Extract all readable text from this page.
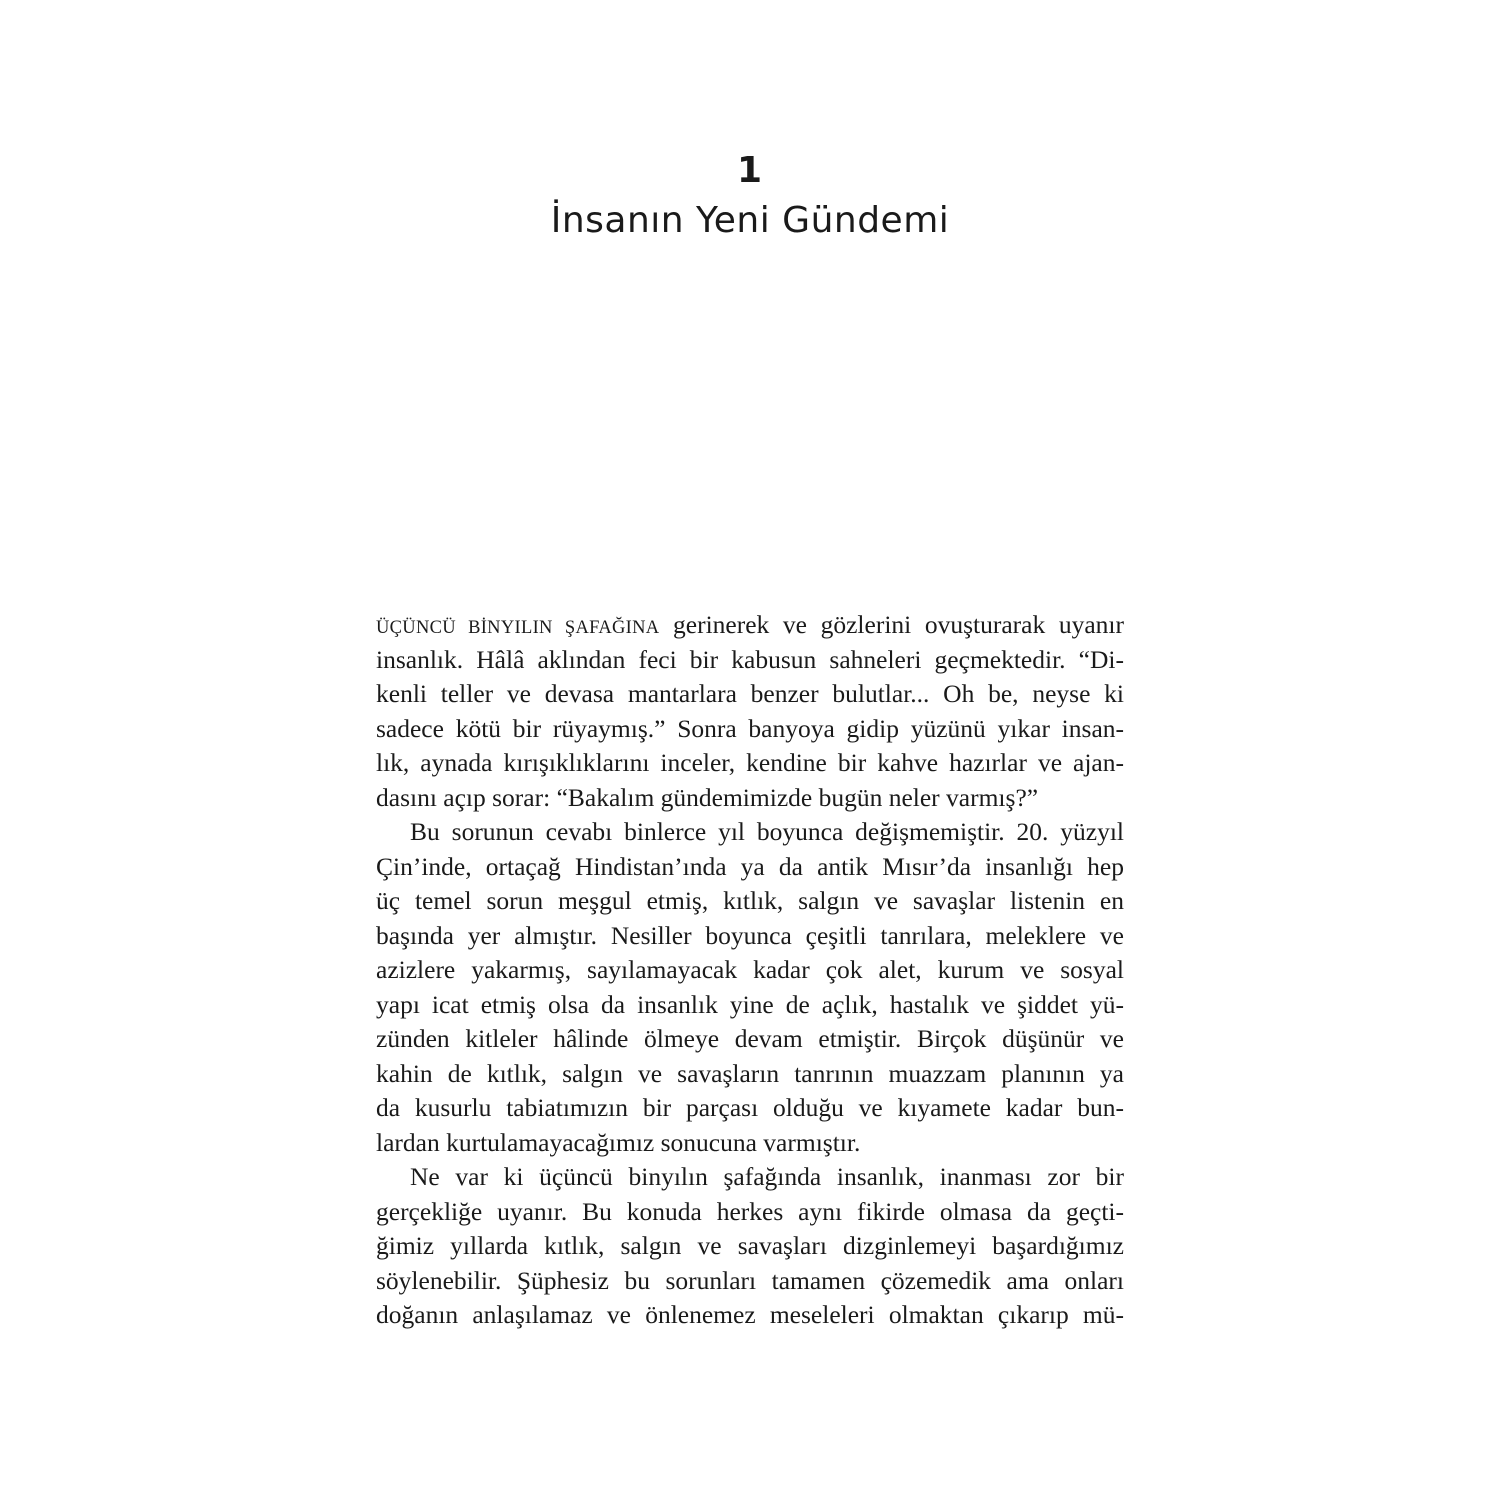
1
İnsanın Yeni Gündemi
ÜÇÜNCÜ BİNYILIN ŞAFAĞINA gerinerek ve gözlerini ovuşturarak uyanır
insanlık. Hâlâ aklından feci bir kabusun sahneleri geçmektedir. “Di-
kenli teller ve devasa mantarlara benzer bulutlar... Oh be, neyse ki
sadece kötü bir rüyaymış.” Sonra banyoya gidip yüzünü yıkar insan-
lık, aynada kırışıklıklarını inceler, kendine bir kahve hazırlar ve ajan-
dasını açıp sorar: “Bakalım gündemimizde bugün neler varmış?”
Bu sorunun cevabı binlerce yıl boyunca değişmemiştir. 20. yüzyıl
Çin’inde, ortaçağ Hindistan’ında ya da antik Mısır’da insanlığı hep
üç temel sorun meşgul etmiş, kıtlık, salgın ve savaşlar listenin en
başında yer almıştır. Nesiller boyunca çeşitli tanrılara, meleklere ve
azizlere yakarmış, sayılamayacak kadar çok alet, kurum ve sosyal
yapı icat etmiş olsa da insanlık yine de açlık, hastalık ve şiddet yü-
zünden kitleler hâlinde ölmeye devam etmiştir. Birçok düşünür ve
kahin de kıtlık, salgın ve savaşların tanrının muazzam planının ya
da kusurlu tabiatımızın bir parçası olduğu ve kıyamete kadar bun-
lardan kurtulamayacağımız sonucuna varmıştır.
Ne var ki üçüncü binyılın şafağında insanlık, inanması zor bir
gerçekliğe uyanır. Bu konuda herkes aynı fikirde olmasa da geçti-
ğimiz yıllarda kıtlık, salgın ve savaşları dizginlemeyi başardığımız
söylenebilir. Şüphesiz bu sorunları tamamen çözemedik ama onları
doğanın anlaşılamaz ve önlenemez meseleleri olmaktan çıkarıp mü-
